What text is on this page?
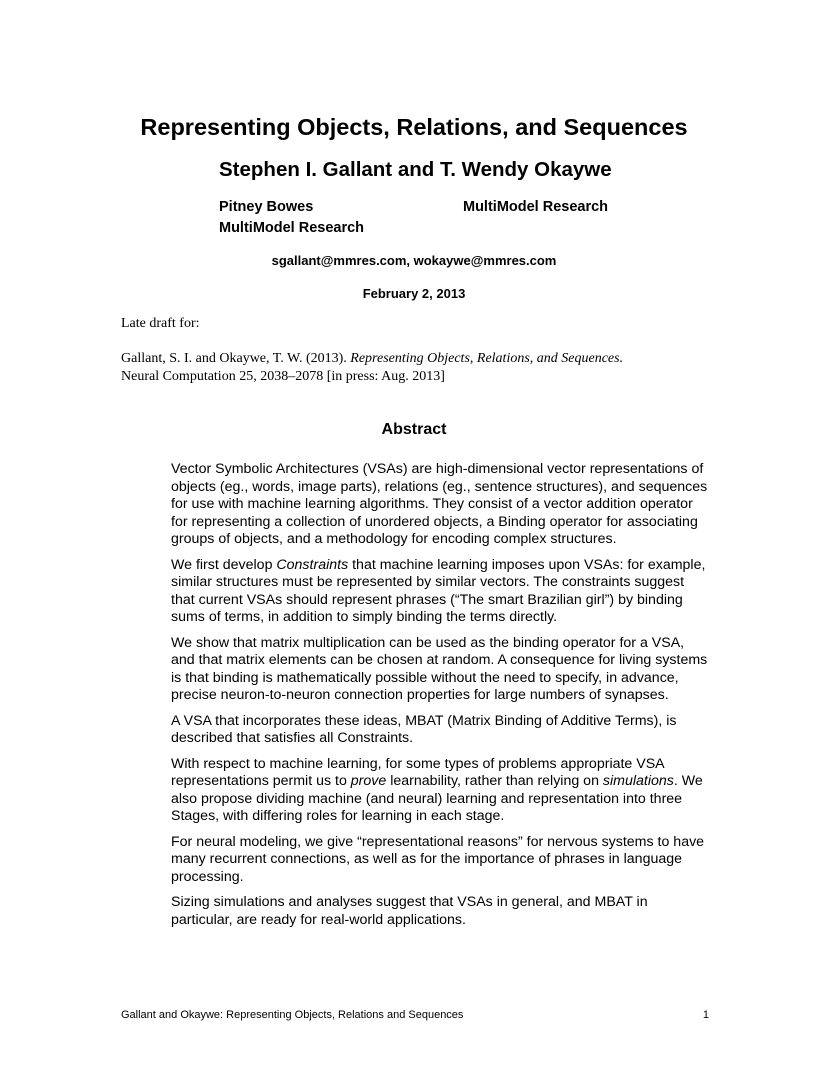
Representing Objects, Relations, and Sequences
Stephen I. Gallant and T. Wendy Okaywe
Pitney Bowes
MultiModel Research
MultiModel Research
sgallant@mmres.com, wokaywe@mmres.com
February 2, 2013
Late draft for:
Gallant, S. I. and Okaywe, T. W. (2013). Representing Objects, Relations, and Sequences.
Neural Computation 25, 2038–2078 [in press: Aug. 2013]
Abstract

Vector Symbolic Architectures (VSAs) are high-dimensional vector representations of objects (eg., words, image parts), relations (eg., sentence structures), and sequences for use with machine learning algorithms. They consist of a vector addition operator for representing a collection of unordered objects, a Binding operator for associating groups of objects, and a methodology for encoding complex structures.

We first develop Constraints that machine learning imposes upon VSAs: for example, similar structures must be represented by similar vectors. The constraints suggest that current VSAs should represent phrases (“The smart Brazilian girl”) by binding sums of terms, in addition to simply binding the terms directly.

We show that matrix multiplication can be used as the binding operator for a VSA, and that matrix elements can be chosen at random. A consequence for living systems is that binding is mathematically possible without the need to specify, in advance, precise neuron-to-neuron connection properties for large numbers of synapses.

A VSA that incorporates these ideas, MBAT (Matrix Binding of Additive Terms), is described that satisfies all Constraints.

With respect to machine learning, for some types of problems appropriate VSA representations permit us to prove learnability, rather than relying on simulations. We also propose dividing machine (and neural) learning and representation into three Stages, with differing roles for learning in each stage.

For neural modeling, we give “representational reasons” for nervous systems to have many recurrent connections, as well as for the importance of phrases in language processing.

Sizing simulations and analyses suggest that VSAs in general, and MBAT in particular, are ready for real-world applications.

Gallant and Okaywe: Representing Objects, Relations and Sequences	1
